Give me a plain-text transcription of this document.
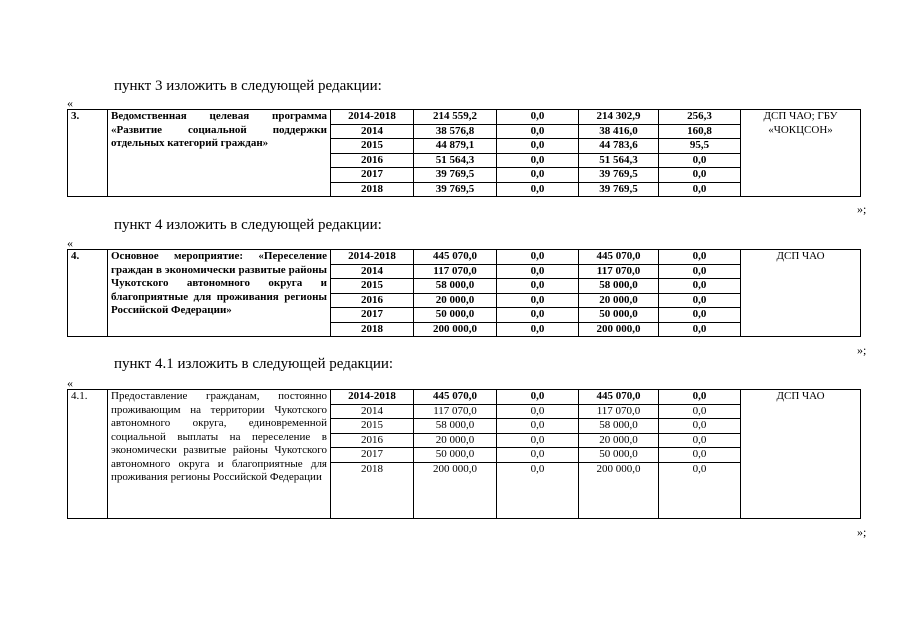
пункт 3 изложить в следующей редакции:
«
3.	Ведомственная целевая программа «Развитие социальной поддержки отдельных категорий граждан»	2014-2018	214 559,2	0,0	214 302,9	256,3	ДСП ЧАО; ГБУ «ЧОКЦСОН»
		2014	38 576,8	0,0	38 416,0	160,8	
		2015	44 879,1	0,0	44 783,6	95,5	
		2016	51 564,3	0,0	51 564,3	0,0	
		2017	39 769,5	0,0	39 769,5	0,0	
		2018	39 769,5	0,0	39 769,5	0,0	
»;
пункт 4 изложить в следующей редакции:
«
4.	Основное мероприятие: «Переселение граждан в экономически развитые районы Чукотского автономного округа и благоприятные для проживания регионы Российской Федерации»	2014-2018	445 070,0	0,0	445 070,0	0,0	ДСП ЧАО
		2014	117 070,0	0,0	117 070,0	0,0	
		2015	58 000,0	0,0	58 000,0	0,0	
		2016	20 000,0	0,0	20 000,0	0,0	
		2017	50 000,0	0,0	50 000,0	0,0	
		2018	200 000,0	0,0	200 000,0	0,0	
»;
пункт 4.1 изложить в следующей редакции:
«
4.1.	Предоставление гражданам, постоянно проживающим на территории Чукотского автономного округа, единовременной социальной выплаты на переселение в экономически развитые районы Чукотского автономного округа и благоприятные для проживания регионы Российской Федерации	2014-2018	445 070,0	0,0	445 070,0	0,0	ДСП ЧАО
		2014	117 070,0	0,0	117 070,0	0,0	
		2015	58 000,0	0,0	58 000,0	0,0	
		2016	20 000,0	0,0	20 000,0	0,0	
		2017	50 000,0	0,0	50 000,0	0,0	
		2018	200 000,0	0,0	200 000,0	0,0	
»;
